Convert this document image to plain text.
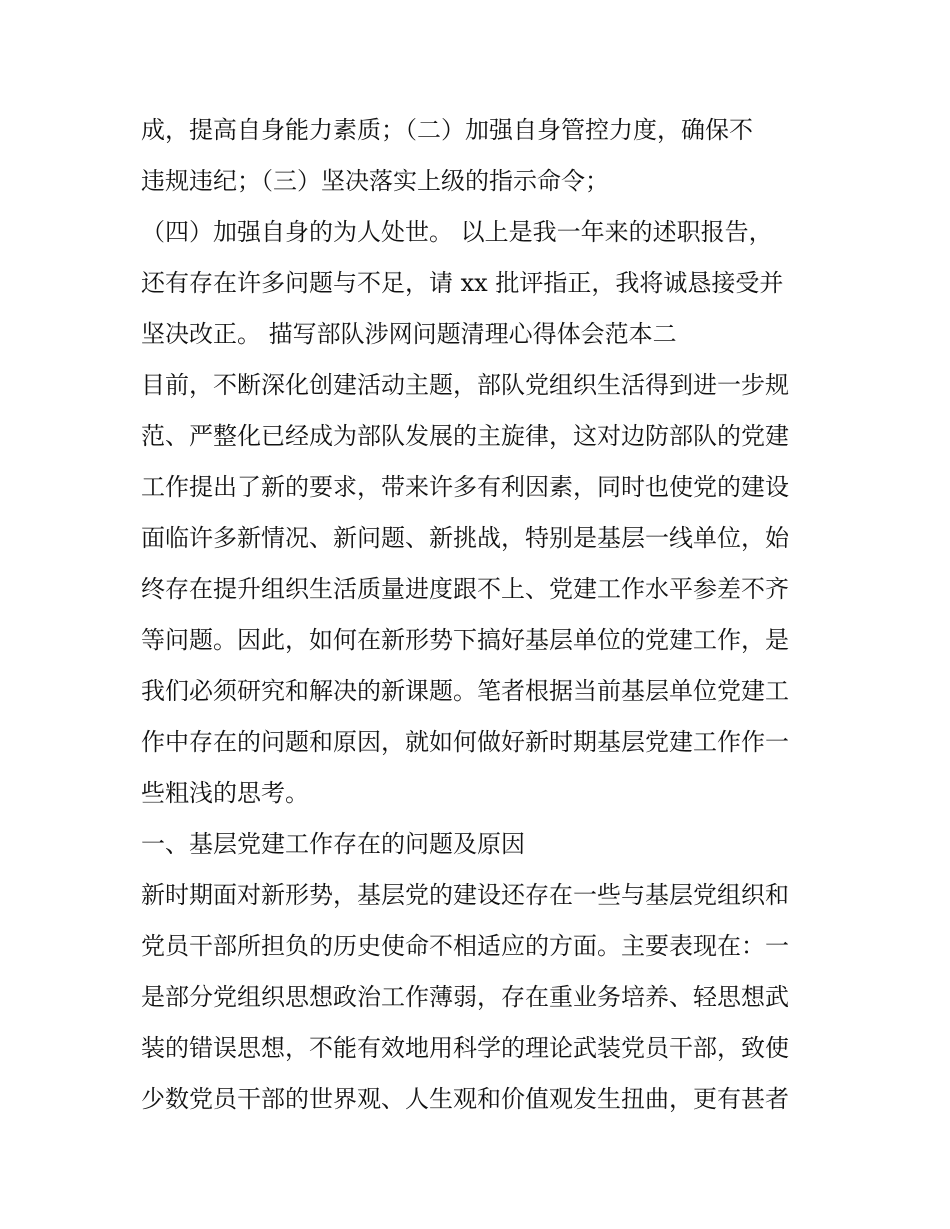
成，提高自身能力素质；（二）加强自身管控力度，确保不
违规违纪；（三）坚决落实上级的指示命令；
（四）加强自身的为人处世。 以上是我一年来的述职报告，
还有存在许多问题与不足，请 xx 批评指正，我将诚恳接受并
坚决改正。 描写部队涉网问题清理心得体会范本二
目前，不断深化创建活动主题，部队党组织生活得到进一步规
范、严整化已经成为部队发展的主旋律，这对边防部队的党建
工作提出了新的要求，带来许多有利因素，同时也使党的建设
面临许多新情况、新问题、新挑战，特别是基层一线单位，始
终存在提升组织生活质量进度跟不上、党建工作水平参差不齐
等问题。因此，如何在新形势下搞好基层单位的党建工作，是
我们必须研究和解决的新课题。笔者根据当前基层单位党建工
作中存在的问题和原因，就如何做好新时期基层党建工作作一
些粗浅的思考。
一、基层党建工作存在的问题及原因
新时期面对新形势，基层党的建设还存在一些与基层党组织和
党员干部所担负的历史使命不相适应的方面。主要表现在：一
是部分党组织思想政治工作薄弱，存在重业务培养、轻思想武
装的错误思想，不能有效地用科学的理论武装党员干部，致使
少数党员干部的世界观、人生观和价值观发生扭曲，更有甚者
